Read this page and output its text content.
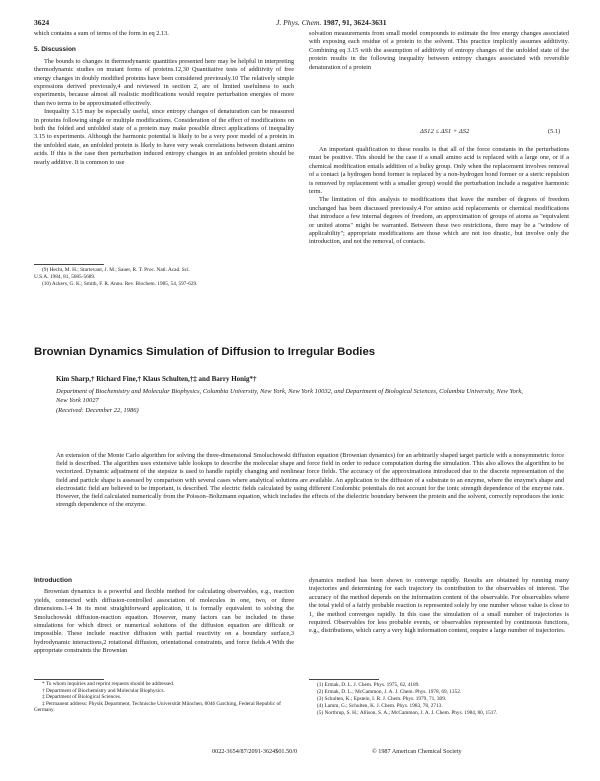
3624	J. Phys. Chem. 1987, 91, 3624-3631

which contains a sum of terms of the form in eq 2.13.

5. Discussion

The bounds to changes in thermodynamic quantities presented here may be helpful in interpreting thermodynamic studies on mutant forms of proteins.12,30 Quantitative tests of additivity of free energy changes in doubly modified proteins have been considered previously.10 The relatively simple expressions derived previously,4 and reviewed in section 2, are of limited usefulness to such experiments, because almost all realistic modifications would require perturbation energies of more than two terms to be approximated effectively.

Inequality 3.15 may be especially useful, since entropy changes of denaturation can be measured in proteins following single or multiple modifications. Consideration of the effect of modifications on both the folded and unfolded state of a protein may make possible direct applications of inequality 3.15 to experiments. Although the harmonic potential is likely to be a very poor model of a protein in the unfolded state, an unfolded protein is likely to have very weak correlations between distant amino acids. If this is the case then perturbation induced entropy changes in an unfolded protein should be nearly additive. It is common to use

(9) Hecht, M. H.; Sturtevant, J. M.; Sauer, R. T. Proc. Natl. Acad. Sci.
U.S.A. 1984, 81, 5685-5689.
(10) Ackers, G. K.; Smith, F. R. Annu. Rev. Biochem. 1985, 54, 597-629.

solvation measurements from small model compounds to estimate the free energy changes associated with exposing each residue of a protein to the solvent. This practice implicitly assumes additivity. Combining eq 3.15 with the assumption of additivity of entropy changes of the unfolded state of the protein results in the following inequality between entropy changes associated with reversible denaturation of a protein

ΔS12 ≤ ΔS1 + ΔS2	(5.1)

An important qualification to these results is that all of the force constants in the perturbations must be positive. This should be the case if a small amino acid is replaced with a large one, or if a chemical modification entails addition of a bulky group. Only when the replacement involves removal of a contact (a hydrogen bond former is replaced by a non-hydrogen bond former or a steric repulsion is removed by replacement with a smaller group) would the perturbation include a negative harmonic term.

The limitation of this analysis to modifications that leave the number of degrees of freedom unchanged has been discussed previously.4 For amino acid replacements or chemical modifications that introduce a few internal degrees of freedom, an approximation of groups of atoms as "equivalent or united atoms" might be warranted. Between these two restrictions, there may be a "window of applicability"; appropriate modifications are those which are not too drastic, but involve only the introduction, and not the removal, of contacts.

Brownian Dynamics Simulation of Diffusion to Irregular Bodies
Kim Sharp,† Richard Fine,† Klaus Schulten,†‡ and Barry Honig*†
Department of Biochemistry and Molecular Biophysics, Columbia University, New York, New York 10032, and Department of Biological Sciences, Columbia University, New York, New York 10027
(Received: December 22, 1986)
An extension of the Monte Carlo algorithm for solving the three-dimensional Smoluchowski diffusion equation (Brownian dynamics) for an arbitrarily shaped target particle with a nonsymmetric force field is described. The algorithm uses extensive table lookups to describe the molecular shape and force field in order to reduce computation during the simulation. This also allows the algorithm to be vectorized. Dynamic adjustment of the stepsize is used to handle rapidly changing and nonlinear force fields. The accuracy of the approximations introduced due to the discrete representation of the field and particle shape is assessed by comparison with several cases where analytical solutions are available. An application to the diffusion of a substrate to an enzyme, where the enzyme's shape and electrostatic field are believed to be important, is described. The electric fields calculated by using different Coulombic potentials do not account for the ionic strength dependence of the enzyme rate. However, the field calculated numerically from the Poisson–Boltzmann equation, which includes the effects of the dielectric boundary between the protein and the solvent, correctly reproduces the ionic strength dependence of the enzyme.
Introduction

Brownian dynamics is a powerful and flexible method for calculating observables, e.g., reaction yields, connected with diffusion-controlled association of molecules in one, two, or three dimensions.1-4 In its most straightforward application, it is formally equivalent to solving the Smoluchowski diffusion-reaction equation. However, many factors can be included in these simulations for which direct or numerical solutions of the diffusion equation are difficult or impossible. These include reactive diffusion with partial reactivity on a boundary surface,3 hydrodynamic interactions,2 rotational diffusion, orientational constraints, and force fields.4 With the appropriate constraints the Brownian

* To whom inquiries and reprint requests should be addressed.
† Department of Biochemistry and Molecular Biophysics.
‡ Department of Biological Sciences.
‡ Permanent address: Physik Department, Technische Universität München, 8046 Garching, Federal Republic of Germany.

dynamics method has been shown to converge rapidly. Results are obtained by running many trajectories and determining for each trajectory its contribution to the observables of interest. The accuracy of the method depends on the information content of the observable. For observables where the total yield of a fairly probable reaction is represented solely by one number whose value is close to 1, the method converges rapidly. In this case the simulation of a small number of trajectories is required. Observables for less probable events, or observables represented by continuous functions, e.g., distributions, which carry a very high information content, require a large number of trajectories.

(1) Ermak, D. L. J. Chem. Phys. 1975, 62, 4189.
(2) Ermak, D. L.; McCammon, J. A. J. Chem. Phys. 1978, 69, 1352.
(3) Schulten, K.; Epstein, I. R. J. Chem. Phys. 1979, 71, 309.
(4) Lamm, G.; Schulten, K. J. Chem. Phys. 1983, 78, 2713.
(5) Northrup, S. H.; Allison, S. A.; McCammon, J. A. J. Chem. Phys. 1984, 80, 1517.
0022-3654/87/2091-3624$01.50/0	© 1987 American Chemical Society
